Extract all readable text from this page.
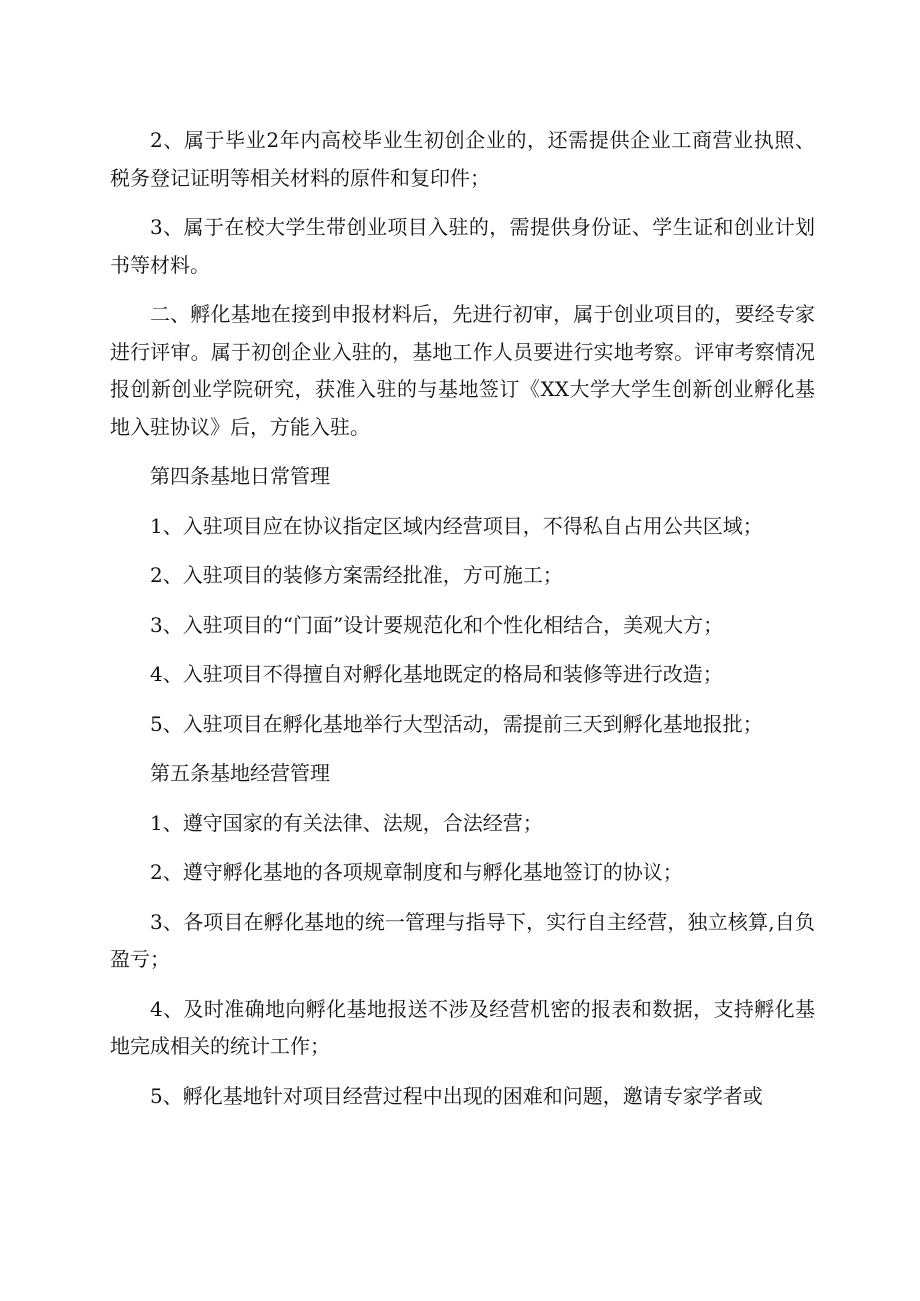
2、属于毕业2年内高校毕业生初创企业的，还需提供企业工商营业执照、税务登记证明等相关材料的原件和复印件；

3、属于在校大学生带创业项目入驻的，需提供身份证、学生证和创业计划书等材料。

二、孵化基地在接到申报材料后，先进行初审，属于创业项目的，要经专家进行评审。属于初创企业入驻的，基地工作人员要进行实地考察。评审考察情况报创新创业学院研究，获准入驻的与基地签订《XX大学大学生创新创业孵化基地入驻协议》后，方能入驻。

第四条基地日常管理

1、入驻项目应在协议指定区域内经营项目，不得私自占用公共区域；

2、入驻项目的装修方案需经批准，方可施工；

3、入驻项目的“门面”设计要规范化和个性化相结合，美观大方；

4、入驻项目不得擅自对孵化基地既定的格局和装修等进行改造；

5、入驻项目在孵化基地举行大型活动，需提前三天到孵化基地报批；

第五条基地经营管理

1、遵守国家的有关法律、法规，合法经营；

2、遵守孵化基地的各项规章制度和与孵化基地签订的协议；

3、各项目在孵化基地的统一管理与指导下，实行自主经营，独立核算,自负盈亏；

4、及时准确地向孵化基地报送不涉及经营机密的报表和数据，支持孵化基地完成相关的统计工作；

5、孵化基地针对项目经营过程中出现的困难和问题，邀请专家学者或
